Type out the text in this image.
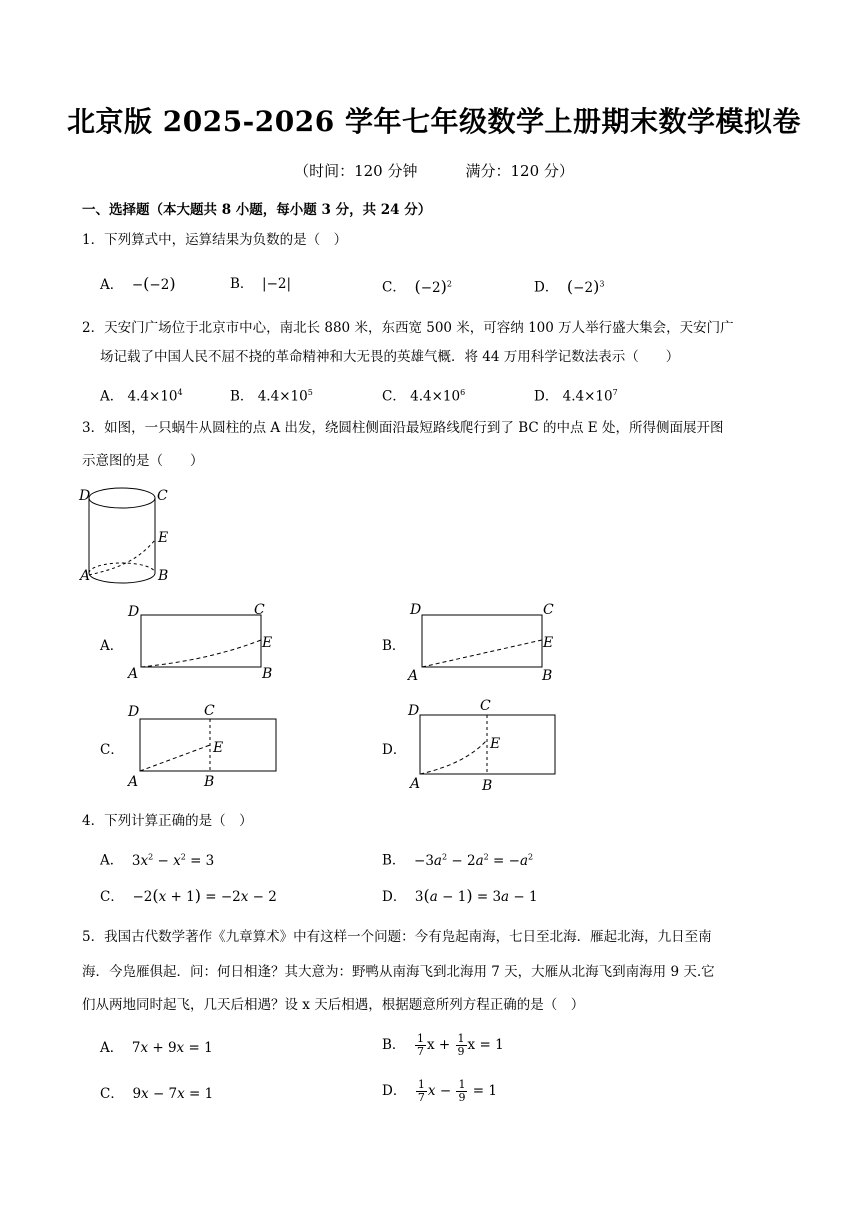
北京版 2025-2026 学年七年级数学上册期末数学模拟卷
（时间：120 分钟	满分：120 分）
一、选择题（本大题共 8 小题，每小题 3 分，共 24 分）
1．下列算式中，运算结果为负数的是（　）
A． −(−2)	B． |−2|	C． $(-2)^2$	D． $(-2)^3$
2．天安门广场位于北京市中心，南北长 880 米，东西宽 500 米，可容纳 100 万人举行盛大集会，天安门广
场记载了中国人民不屈不挠的革命精神和大无畏的英雄气概．将 44 万用科学记数法表示（　　）
A． $4.4\times 10^4$	B． $4.4\times 10^5$	C． $4.4\times 10^6$	D． $4.4\times 10^7$
3．如图，一只蜗牛从圆柱的点 A 出发，绕圆柱侧面沿最短路线爬行到了 BC 的中点 E 处，所得侧面展开图
示意图的是（　　）
D	C
E
A	B
A．
D	C
E
A	B
B．
D	C
E
A	B
C．
D	C
E
A	B
D．
D	C
E
A	B
4．下列计算正确的是（　）
A． $3x^2 - x^2 = 3$	B． $-3a^2 - 2a^2 = -a^2$
C． −2(x + 1) = −2x − 2	D． 3(a − 1) = 3a − 1
5．我国古代数学著作《九章算术》中有这样一个问题：今有凫起南海，七日至北海．雁起北海，九日至南
海．今凫雁俱起．问：何日相逢？其大意为：野鸭从南海飞到北海用 7 天，大雁从北海飞到南海用 9 天.它
们从两地同时起飞，几天后相遇？设 x 天后相遇，根据题意所列方程正确的是（　）
A． 7x + 9x = 1	B． $\frac{1}{7}$ $x + \frac{1}{9}$ x = 1
C． 9x − 7x = 1	D． $\frac{1}{7}$ $x - \frac{1}{9} = 1$
